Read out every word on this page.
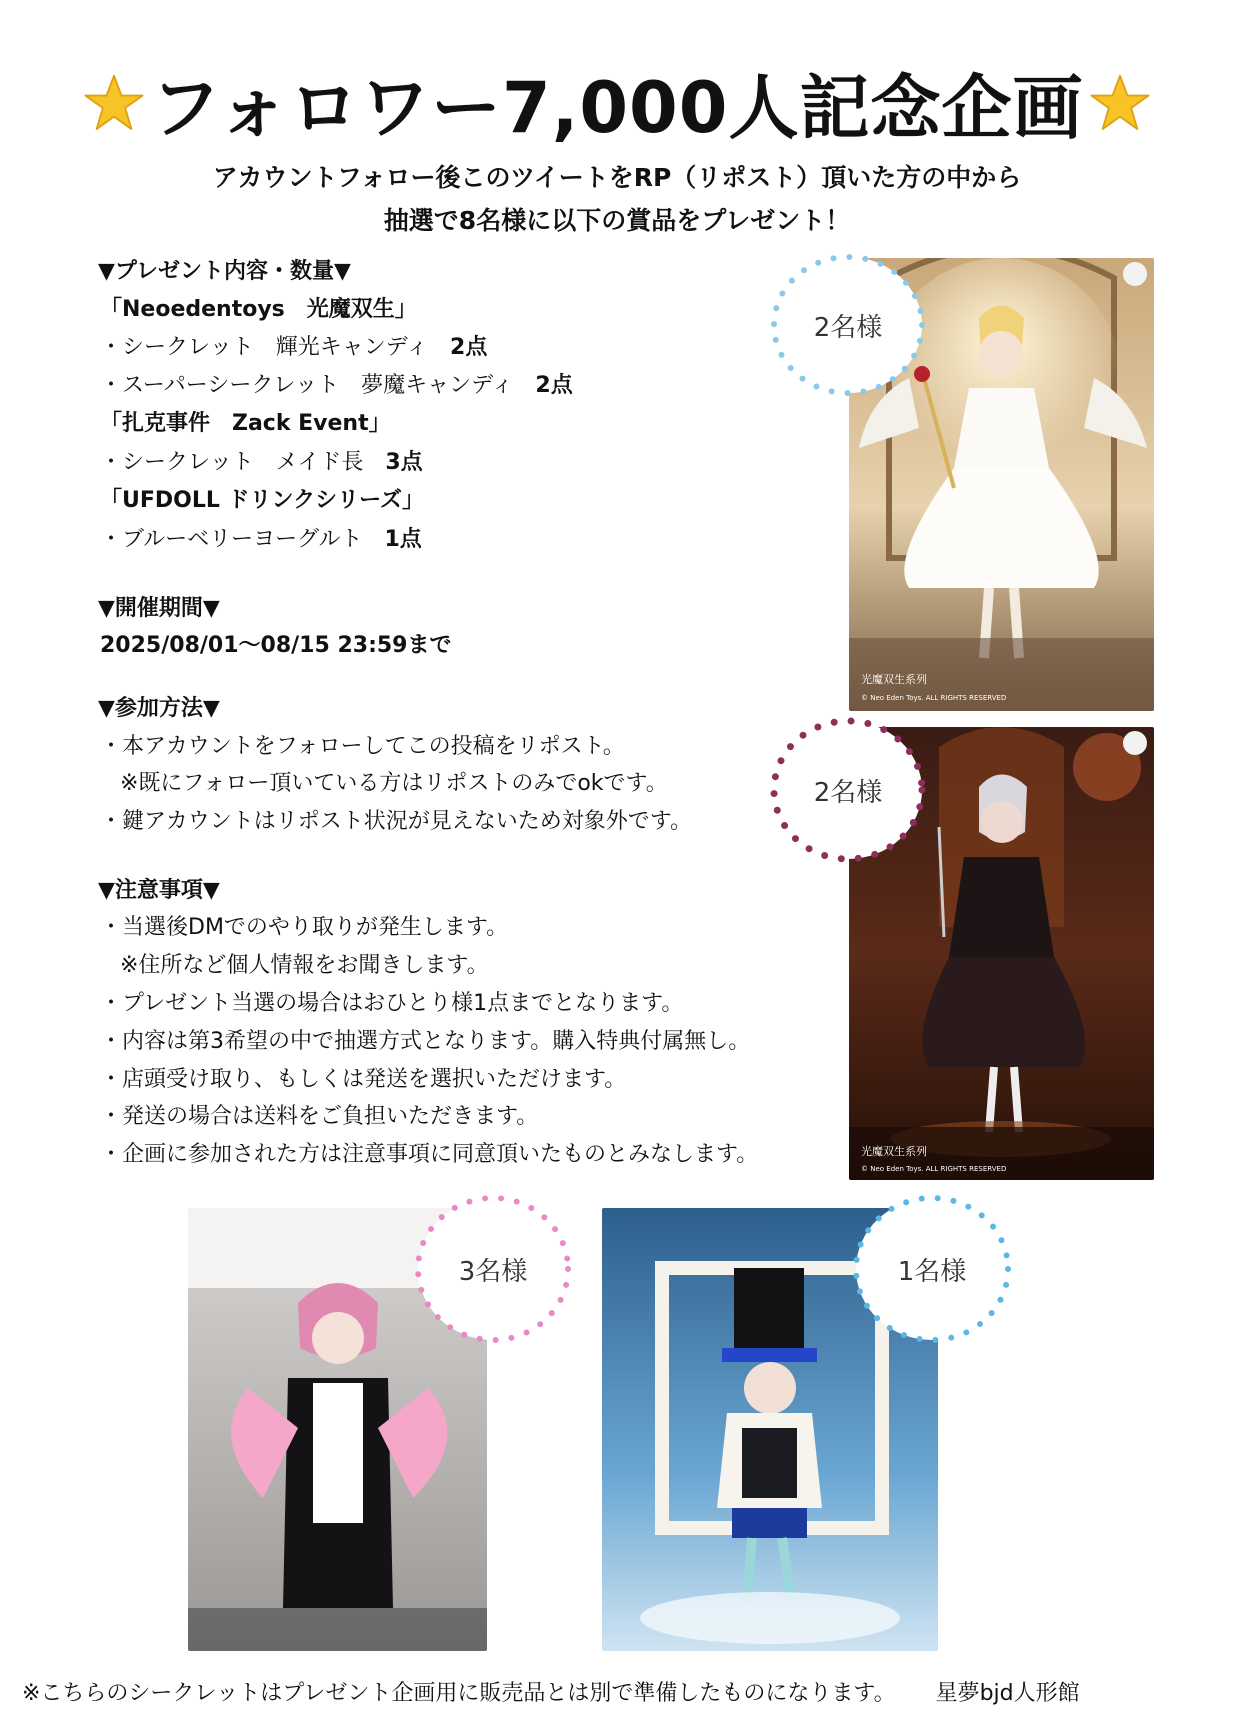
フォロワー7,000人記念企画
アカウントフォロー後このツイートをRP（リポスト）頂いた方の中から
抽選で8名様に以下の賞品をプレゼント！
▼プレゼント内容・数量▼
「Neoedentoys　光魔双生」
・シークレット　輝光キャンディ 2点
・スーパーシークレット　夢魔キャンディ 2点
「扎克事件　Zack Event」
・シークレット　メイド長 3点
「UFDOLL ドリンクシリーズ」
・ブルーベリーヨーグルト 1点
▼開催期間▼
2025/08/01〜08/15 23:59まで
▼参加方法▼
・本アカウントをフォローしてこの投稿をリポスト。
※既にフォロー頂いている方はリポストのみでokです。
・鍵アカウントはリポスト状況が見えないため対象外です。
▼注意事項▼
・当選後DMでのやり取りが発生します。
※住所など個人情報をお聞きします。
・プレゼント当選の場合はおひとり様1点までとなります。
・内容は第3希望の中で抽選方式となります。購入特典付属無し。
・店頭受け取り、もしくは発送を選択いただけます。
・発送の場合は送料をご負担いただきます。
・企画に参加された方は注意事項に同意頂いたものとみなします。
光魔双生系列
© Neo Eden Toys. ALL RIGHTS RESERVED
光魔双生系列
© Neo Eden Toys. ALL RIGHTS RESERVED
2名様
2名様
3名様	1名様
※こちらのシークレットはプレゼント企画用に販売品とは別で準備したものになります。 星夢bjd人形館
